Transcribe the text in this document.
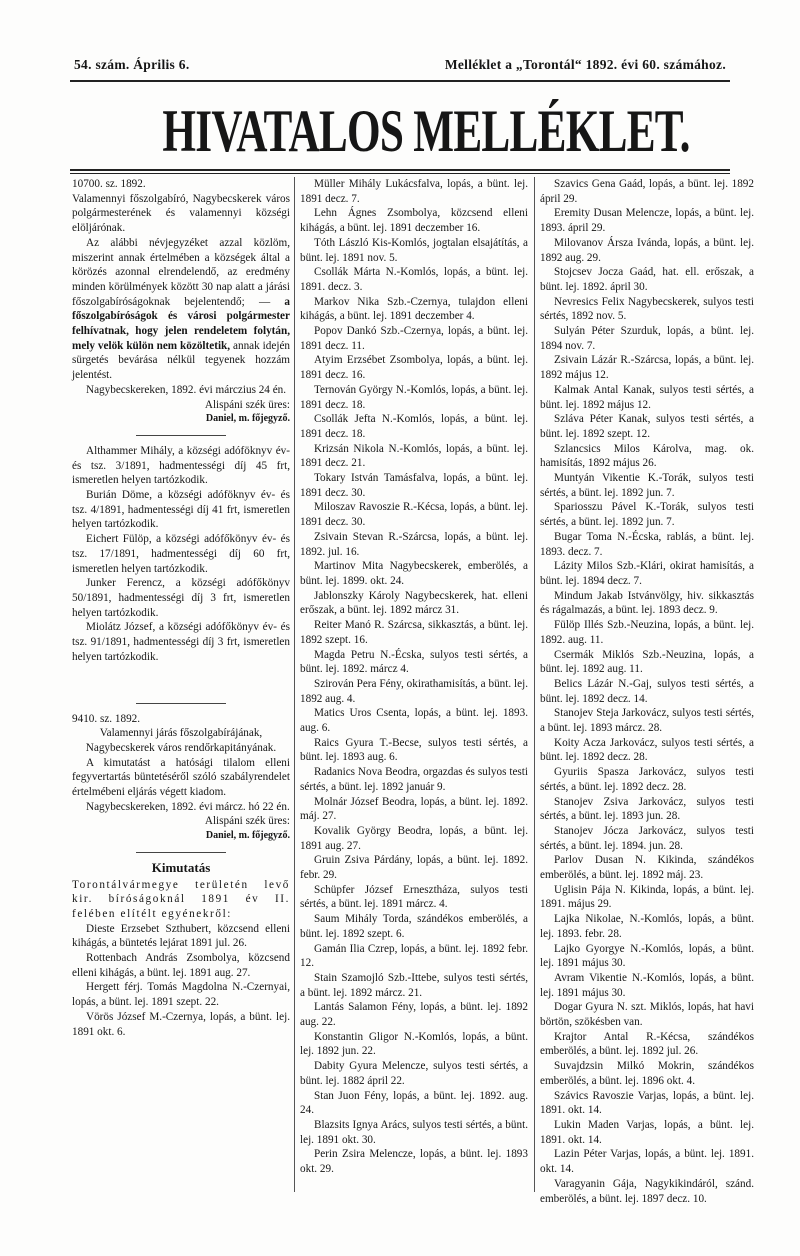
54. szám. Április 6.	Melléklet a „Torontál“ 1892. évi 60. számához.
HIVATALOS MELLÉKLET.
10700. sz. 1892.
Valamennyi főszolgabíró, Nagybecskerek város polgármesterének és valamennyi községi elöljárónak.
Az alábbi névjegyzéket azzal közlöm, miszerint annak értelmében a községek által a körözés azonnal elrendelendő, az eredmény minden körülmények között 30 nap alatt a járási főszolgabíróságoknak bejelentendő; — a főszolgabíróságok és városi polgármester felhívatnak, hogy jelen rendeletem folytán, mely velök külön nem közöltetik, annak idején sürgetés bevárása nélkül tegyenek hozzám jelentést.
Nagybecskereken, 1892. évi márczius 24 én.
Alispáni szék üres:
Daniel, m. főjegyző.
Althammer Mihály, a községi adóföknyv év- és tsz. 3/1891, hadmentességi díj 45 frt, ismeretlen helyen tartózkodik.
Burián Döme, a községi adóföknyv év- és tsz. 4/1891, hadmentességi díj 41 frt, ismeretlen helyen tartózkodik.
Eichert Fülöp, a községi adófőkönyv év- és tsz. 17/1891, hadmentességi díj 60 frt, ismeretlen helyen tartózkodik.
Junker Ferencz, a községi adófőkönyv 50/1891, hadmentességi díj 3 frt, ismeretlen helyen tartózkodik.
Miolátz József, a községi adófőkönyv év- és tsz. 91/1891, hadmentességi díj 3 frt, ismeretlen helyen tartózkodik.
9410. sz. 1892.
Valamennyi járás főszolgabírájának, Nagybecskerek város rendőrkapitányának.
A kimutatást a hatósági tilalom elleni fegyvertartás büntetéséről szóló szabályrendelet értelmébeni eljárás végett kiadom.
Nagybecskereken, 1892. évi márcz. hó 22 én.
Alispáni szék üres:
Daniel, m. főjegyző.
Kimutatás
Torontálvármegye területén levő kir. bíróságoknál 1891 év II. felében elítélt egyénekről:
Dieste Erzsebet Szthubert, közcsend elleni kihágás, a büntetés lejárat 1891 jul. 26.
Rottenbach András Zsombolya, közcsend elleni kihágás, a bünt. lej. 1891 aug. 27.
Hergett férj. Tomás Magdolna N.-Czernyai, lopás, a bünt. lej. 1891 szept. 22.
Vörös József M.-Czernya, lopás, a bünt. lej. 1891 okt. 6.
Müller Mihály Lukácsfalva, lopás, a bünt. lej. 1891 decz. 7.
Lehn Ágnes Zsombolya, közcsend elleni kihágás, a bünt. lej. 1891 deczember 16.
Tóth László Kis-Komlós, jogtalan elsajátítás, a bünt. lej. 1891 nov. 5.
Csollák Márta N.-Komlós, lopás, a bünt. lej. 1891. decz. 3.
Markov Nika Szb.-Czernya, tulajdon elleni kihágás, a bünt. lej. 1891 deczember 4.
Popov Dankó Szb.-Czernya, lopás, a bünt. lej. 1891 decz. 11.
Atyim Erzsébet Zsombolya, lopás, a bünt. lej. 1891 decz. 16.
Ternován György N.-Komlós, lopás, a bünt. lej. 1891 decz. 18.
Csollák Jefta N.-Komlós, lopás, a bünt. lej. 1891 decz. 18.
Krizsán Nikola N.-Komlós, lopás, a bünt. lej. 1891 decz. 21.
Tokary István Tamásfalva, lopás, a bünt. lej. 1891 decz. 30.
Miloszav Ravoszie R.-Kécsa, lopás, a bünt. lej. 1891 decz. 30.
Zsivain Stevan R.-Szárcsa, lopás, a bünt. lej. 1892. jul. 16.
Martinov Mita Nagybecskerek, emberölés, a bünt. lej. 1899. okt. 24.
Jablonszky Károly Nagybecskerek, hat. elleni erőszak, a bünt. lej. 1892 márcz 31.
Reiter Manó R. Szárcsa, sikkasztás, a bünt. lej. 1892 szept. 16.
Magda Petru N.-Écska, sulyos testi sértés, a bünt. lej. 1892. márcz 4.
Szirován Pera Fény, okirathamisítás, a bünt. lej. 1892 aug. 4.
Matics Uros Csenta, lopás, a bünt. lej. 1893. aug. 6.
Raics Gyura T.-Becse, sulyos testi sértés, a bünt. lej. 1893 aug. 6.
Radanics Nova Beodra, orgazdas és sulyos testi sértés, a bünt. lej. 1892 január 9.
Molnár József Beodra, lopás, a bünt. lej. 1892. máj. 27.
Kovalik György Beodra, lopás, a bünt. lej. 1891 aug. 27.
Gruin Zsiva Párdány, lopás, a bünt. lej. 1892. febr. 29.
Schüpfer József Ernesztháza, sulyos testi sértés, a bünt. lej. 1891 márcz. 4.
Saum Mihály Torda, szándékos emberölés, a bünt. lej. 1892 szept. 6.
Gamán Ilia Czrep, lopás, a bünt. lej. 1892 febr. 12.
Stain Szamojló Szb.-Ittebe, sulyos testi sértés, a bünt. lej. 1892 márcz. 21.
Lantás Salamon Fény, lopás, a bünt. lej. 1892 aug. 22.
Konstantin Gligor N.-Komlós, lopás, a bünt. lej. 1892 jun. 22.
Dabity Gyura Melencze, sulyos testi sértés, a bünt. lej. 1882 ápril 22.
Stan Juon Fény, lopás, a bünt. lej. 1892. aug. 24.
Blazsits Ignya Arács, sulyos testi sértés, a bünt. lej. 1891 okt. 30.
Perin Zsira Melencze, lopás, a bünt. lej. 1893 okt. 29.
Szavics Gena Gaád, lopás, a bünt. lej. 1892 ápril 29.
Eremity Dusan Melencze, lopás, a bünt. lej. 1893. ápril 29.
Milovanov Ársza Ivánda, lopás, a bünt. lej. 1892 aug. 29.
Stojcsev Jocza Gaád, hat. ell. erőszak, a bünt. lej. 1892. ápril 30.
Nevresics Felix Nagybecskerek, sulyos testi sértés, 1892 nov. 5.
Sulyán Péter Szurduk, lopás, a bünt. lej. 1894 nov. 7.
Zsivain Lázár R.-Szárcsa, lopás, a bünt. lej. 1892 május 12.
Kalmak Antal Kanak, sulyos testi sértés, a bünt. lej. 1892 május 12.
Szlávа Péter Kanak, sulyos testi sértés, a bünt. lej. 1892 szept. 12.
Szlancsics Milos Károlva, mag. ok. hamisítás, 1892 május 26.
Muntyán Vikentie K.-Torák, sulyos testi sértés, a bünt. lej. 1892 jun. 7.
Spariosszu Pável K.-Torák, sulyos testi sértés, a bünt. lej. 1892 jun. 7.
Bugar Toma N.-Écska, rablás, a bünt. lej. 1893. decz. 7.
Lázity Milos Szb.-Klári, okirat hamisítás, a bünt. lej. 1894 decz. 7.
Mindum Jakab Istvánvölgy, hiv. sikkasztás és rágalmazás, a bünt. lej. 1893 decz. 9.
Fülöp Illés Szb.-Neuzina, lopás, a bünt. lej. 1892. aug. 11.
Csermák Miklós Szb.-Neuzina, lopás, a bünt. lej. 1892 aug. 11.
Belics Lázár N.-Gaj, sulyos testi sértés, a bünt. lej. 1892 decz. 14.
Stanojev Steja Jarkovácz, sulyos testi sértés, a bünt. lej. 1893 márcz. 28.
Koity Acza Jarkovácz, sulyos testi sértés, a bünt. lej. 1892 decz. 28.
Gyuriis Spasza Jarkovácz, sulyos testi sértés, a bünt. lej. 1892 decz. 28.
Stanojev Zsiva Jarkovácz, sulyos testi sértés, a bünt. lej. 1893 jun. 28.
Stanojev Jócza Jarkovácz, sulyos testi sértés, a bünt. lej. 1894. jun. 28.
Parlov Dusan N. Kikinda, szándékos emberölés, a bünt. lej. 1892 máj. 23.
Uglisin Pája N. Kikinda, lopás, a bünt. lej. 1891. május 29.
Lajka Nikolae, N.-Komlós, lopás, a bünt. lej. 1893. febr. 28.
Lajko Gyorgye N.-Komlós, lopás, a bünt. lej. 1891 május 30.
Avram Vikentie N.-Komlós, lopás, a bünt. lej. 1891 május 30.
Dogar Gyura N. szt. Miklós, lopás, hat havi börtön, szökésben van.
Krajtor Antal R.-Kécsa, szándékos emberölés, a bünt. lej. 1892 jul. 26.
Suvajdzsin Milkó Mokrin, szándékos emberölés, a bünt. lej. 1896 okt. 4.
Szávics Ravoszie Varjas, lopás, a bünt. lej. 1891. okt. 14.
Lukin Maden Varjas, lopás, a bünt. lej. 1891. okt. 14.
Lazin Péter Varjas, lopás, a bünt. lej. 1891. okt. 14.
Varagyanin Gája, Nagykikindáról, szánd. emberölés, a bünt. lej. 1897 decz. 10.
